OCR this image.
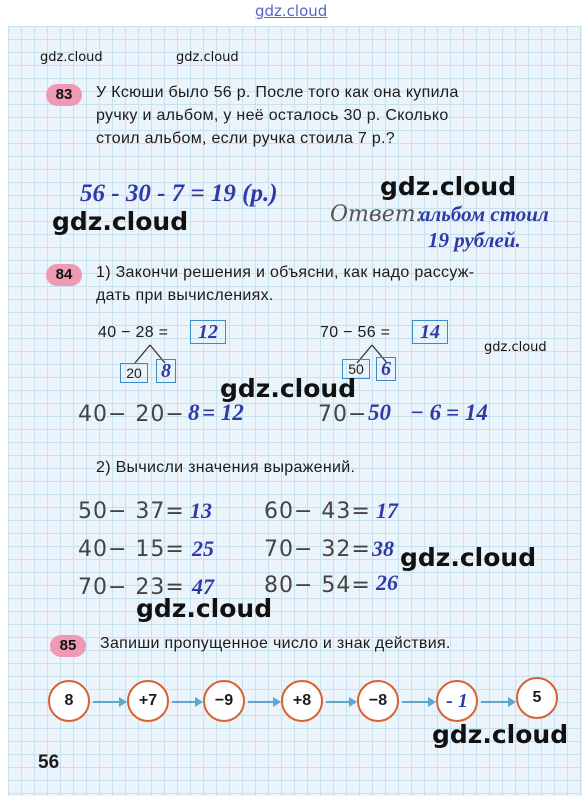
gdz.cloud
gdz.cloud	gdz.cloud
83	У Ксюши было 56 р. После того как она купила
ручку и альбом, у неё осталось 30 р. Сколько
стоил альбом, если ручка стоила 7 р.?
56 - 30 - 7 = 19 (р.)
Ответ:
альбом стоил
19 рублей.
gdz.cloud
gdz.cloud
84	1) Закончи решения и объясни, как надо рассуж-
дать при вычислениях.
40 − 28 =	12
20 8
70 − 56 =	14
50 6
gdz.cloud
gdz.cloud
40− 20− 8 = 12	70− 50 − 6 = 14
2) Вычисли значения выражений.
50− 37= 13 60− 43= 17
40− 15= 25 70− 32= 38
70− 23= 47 80− 54= 26
gdz.cloud
gdz.cloud
85	Запиши пропущенное число и знак действия.
8	+7	−9	+8	−8	- 1	5
gdz.cloud
56
